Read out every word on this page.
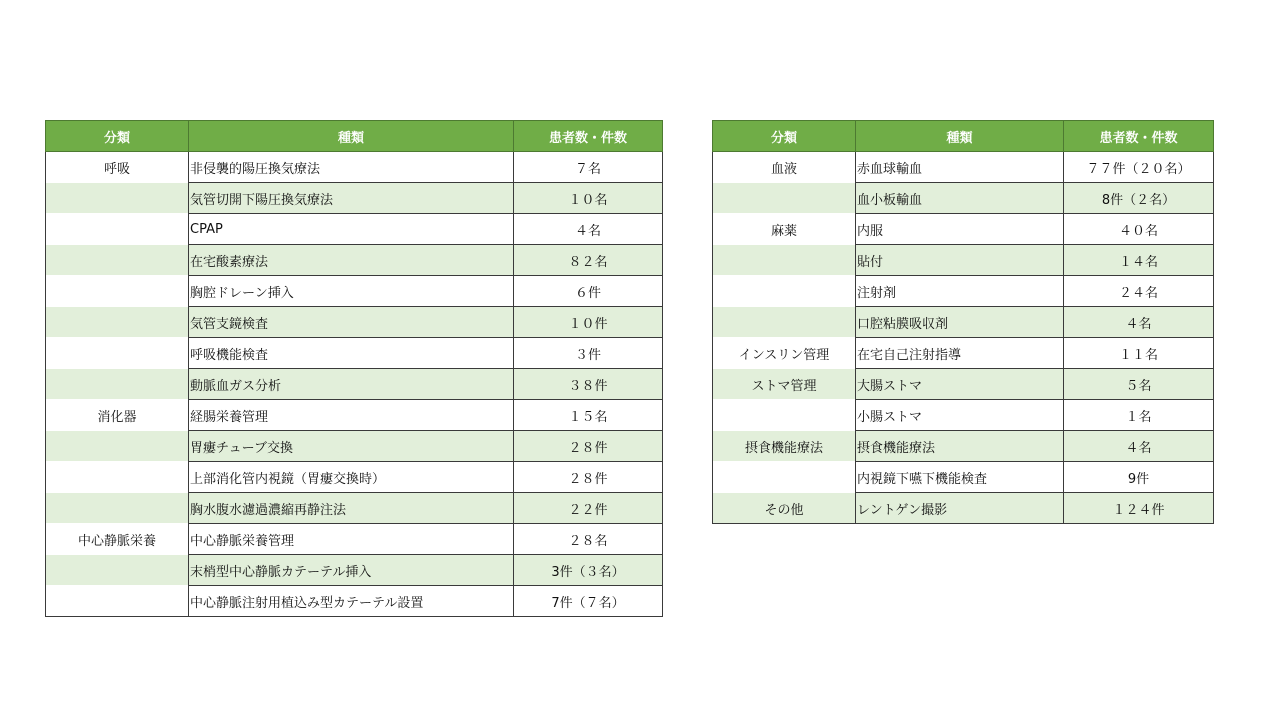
分類	種類	患者数・件数
呼吸	非侵襲的陽圧換気療法	７名
	気管切開下陽圧換気療法	１０名
	CPAP	４名
	在宅酸素療法	８２名
	胸腔ドレーン挿入	６件
	気管支鏡検査	１０件
	呼吸機能検査	３件
	動脈血ガス分析	３８件
消化器	経腸栄養管理	１５名
	胃瘻チューブ交換	２８件
	上部消化管内視鏡（胃瘻交換時）	２８件
	胸水腹水濾過濃縮再静注法	２２件
中心静脈栄養	中心静脈栄養管理	２８名
	末梢型中心静脈カテーテル挿入	3件（３名）
	中心静脈注射用植込み型カテーテル設置	7件（７名）
分類	種類	患者数・件数
血液	赤血球輸血	７７件（２０名）
	血小板輸血	8件（２名）
麻薬	内服	４０名
	貼付	１４名
	注射剤	２４名
	口腔粘膜吸収剤	４名
インスリン管理	在宅自己注射指導	１１名
ストマ管理	大腸ストマ	５名
	小腸ストマ	１名
摂食機能療法	摂食機能療法	４名
	内視鏡下嚥下機能検査	9件
その他	レントゲン撮影	１２４件
